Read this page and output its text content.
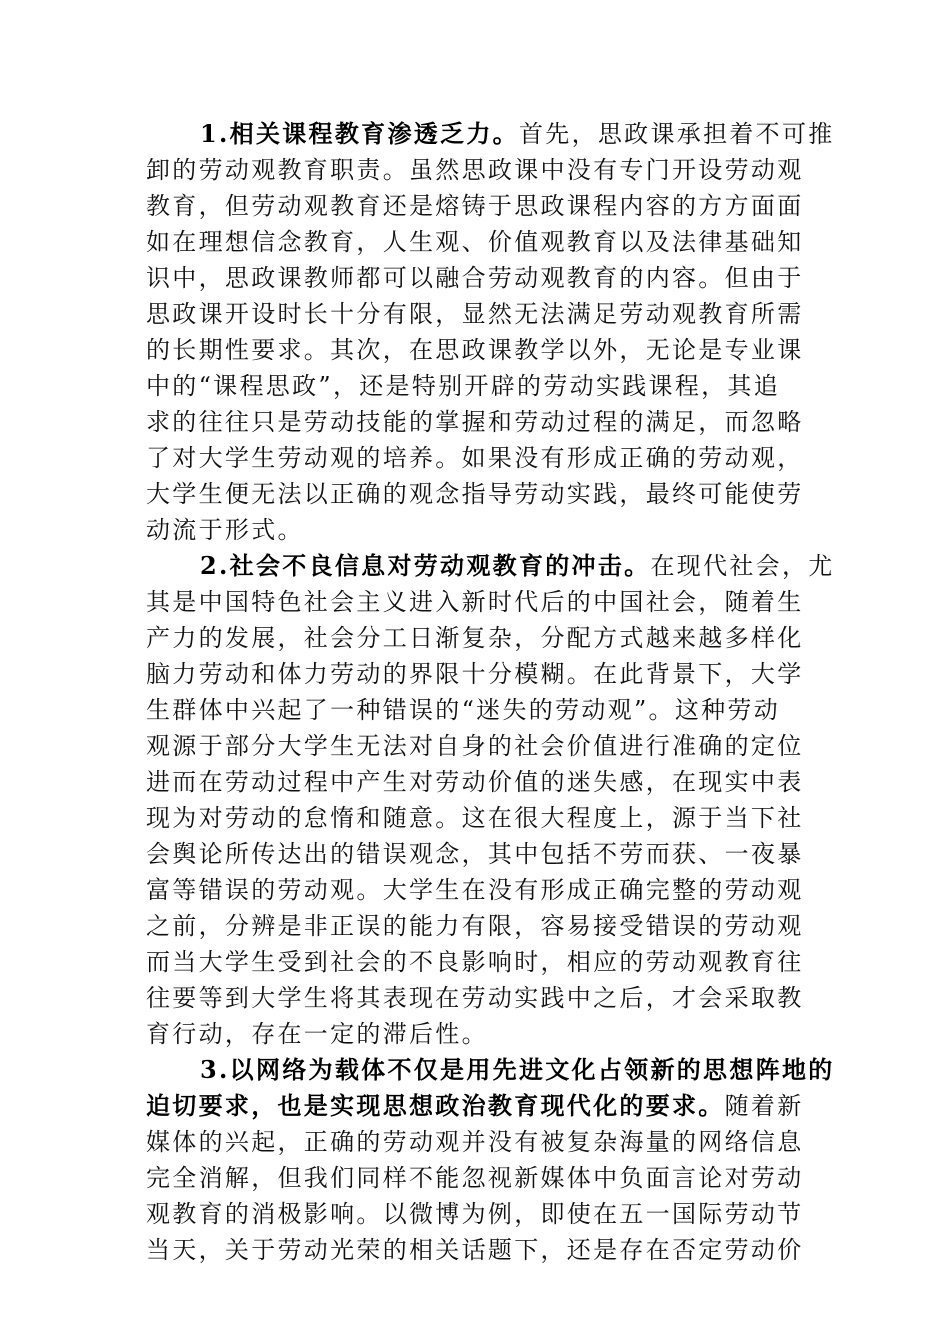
1.相关课程教育渗透乏力。首先，思政课承担着不可推
卸的劳动观教育职责。虽然思政课中没有专门开设劳动观
教育，但劳动观教育还是熔铸于思政课程内容的方方面面
如在理想信念教育，人生观、价值观教育以及法律基础知
识中，思政课教师都可以融合劳动观教育的内容。但由于
思政课开设时长十分有限，显然无法满足劳动观教育所需
的长期性要求。其次，在思政课教学以外，无论是专业课
中的“课程思政”，还是特别开辟的劳动实践课程，其追
求的往往只是劳动技能的掌握和劳动过程的满足，而忽略
了对大学生劳动观的培养。如果没有形成正确的劳动观，
大学生便无法以正确的观念指导劳动实践，最终可能使劳
动流于形式。
2.社会不良信息对劳动观教育的冲击。在现代社会，尤
其是中国特色社会主义进入新时代后的中国社会，随着生
产力的发展，社会分工日渐复杂，分配方式越来越多样化
脑力劳动和体力劳动的界限十分模糊。在此背景下，大学
生群体中兴起了一种错误的“迷失的劳动观”。这种劳动
观源于部分大学生无法对自身的社会价值进行准确的定位
进而在劳动过程中产生对劳动价值的迷失感，在现实中表
现为对劳动的怠惰和随意。这在很大程度上，源于当下社
会舆论所传达出的错误观念，其中包括不劳而获、一夜暴
富等错误的劳动观。大学生在没有形成正确完整的劳动观
之前，分辨是非正误的能力有限，容易接受错误的劳动观
而当大学生受到社会的不良影响时，相应的劳动观教育往
往要等到大学生将其表现在劳动实践中之后，才会采取教
育行动，存在一定的滞后性。
3.以网络为载体不仅是用先进文化占领新的思想阵地的
迫切要求，也是实现思想政治教育现代化的要求。随着新
媒体的兴起，正确的劳动观并没有被复杂海量的网络信息
完全消解，但我们同样不能忽视新媒体中负面言论对劳动
观教育的消极影响。以微博为例，即使在五一国际劳动节
当天，关于劳动光荣的相关话题下，还是存在否定劳动价
